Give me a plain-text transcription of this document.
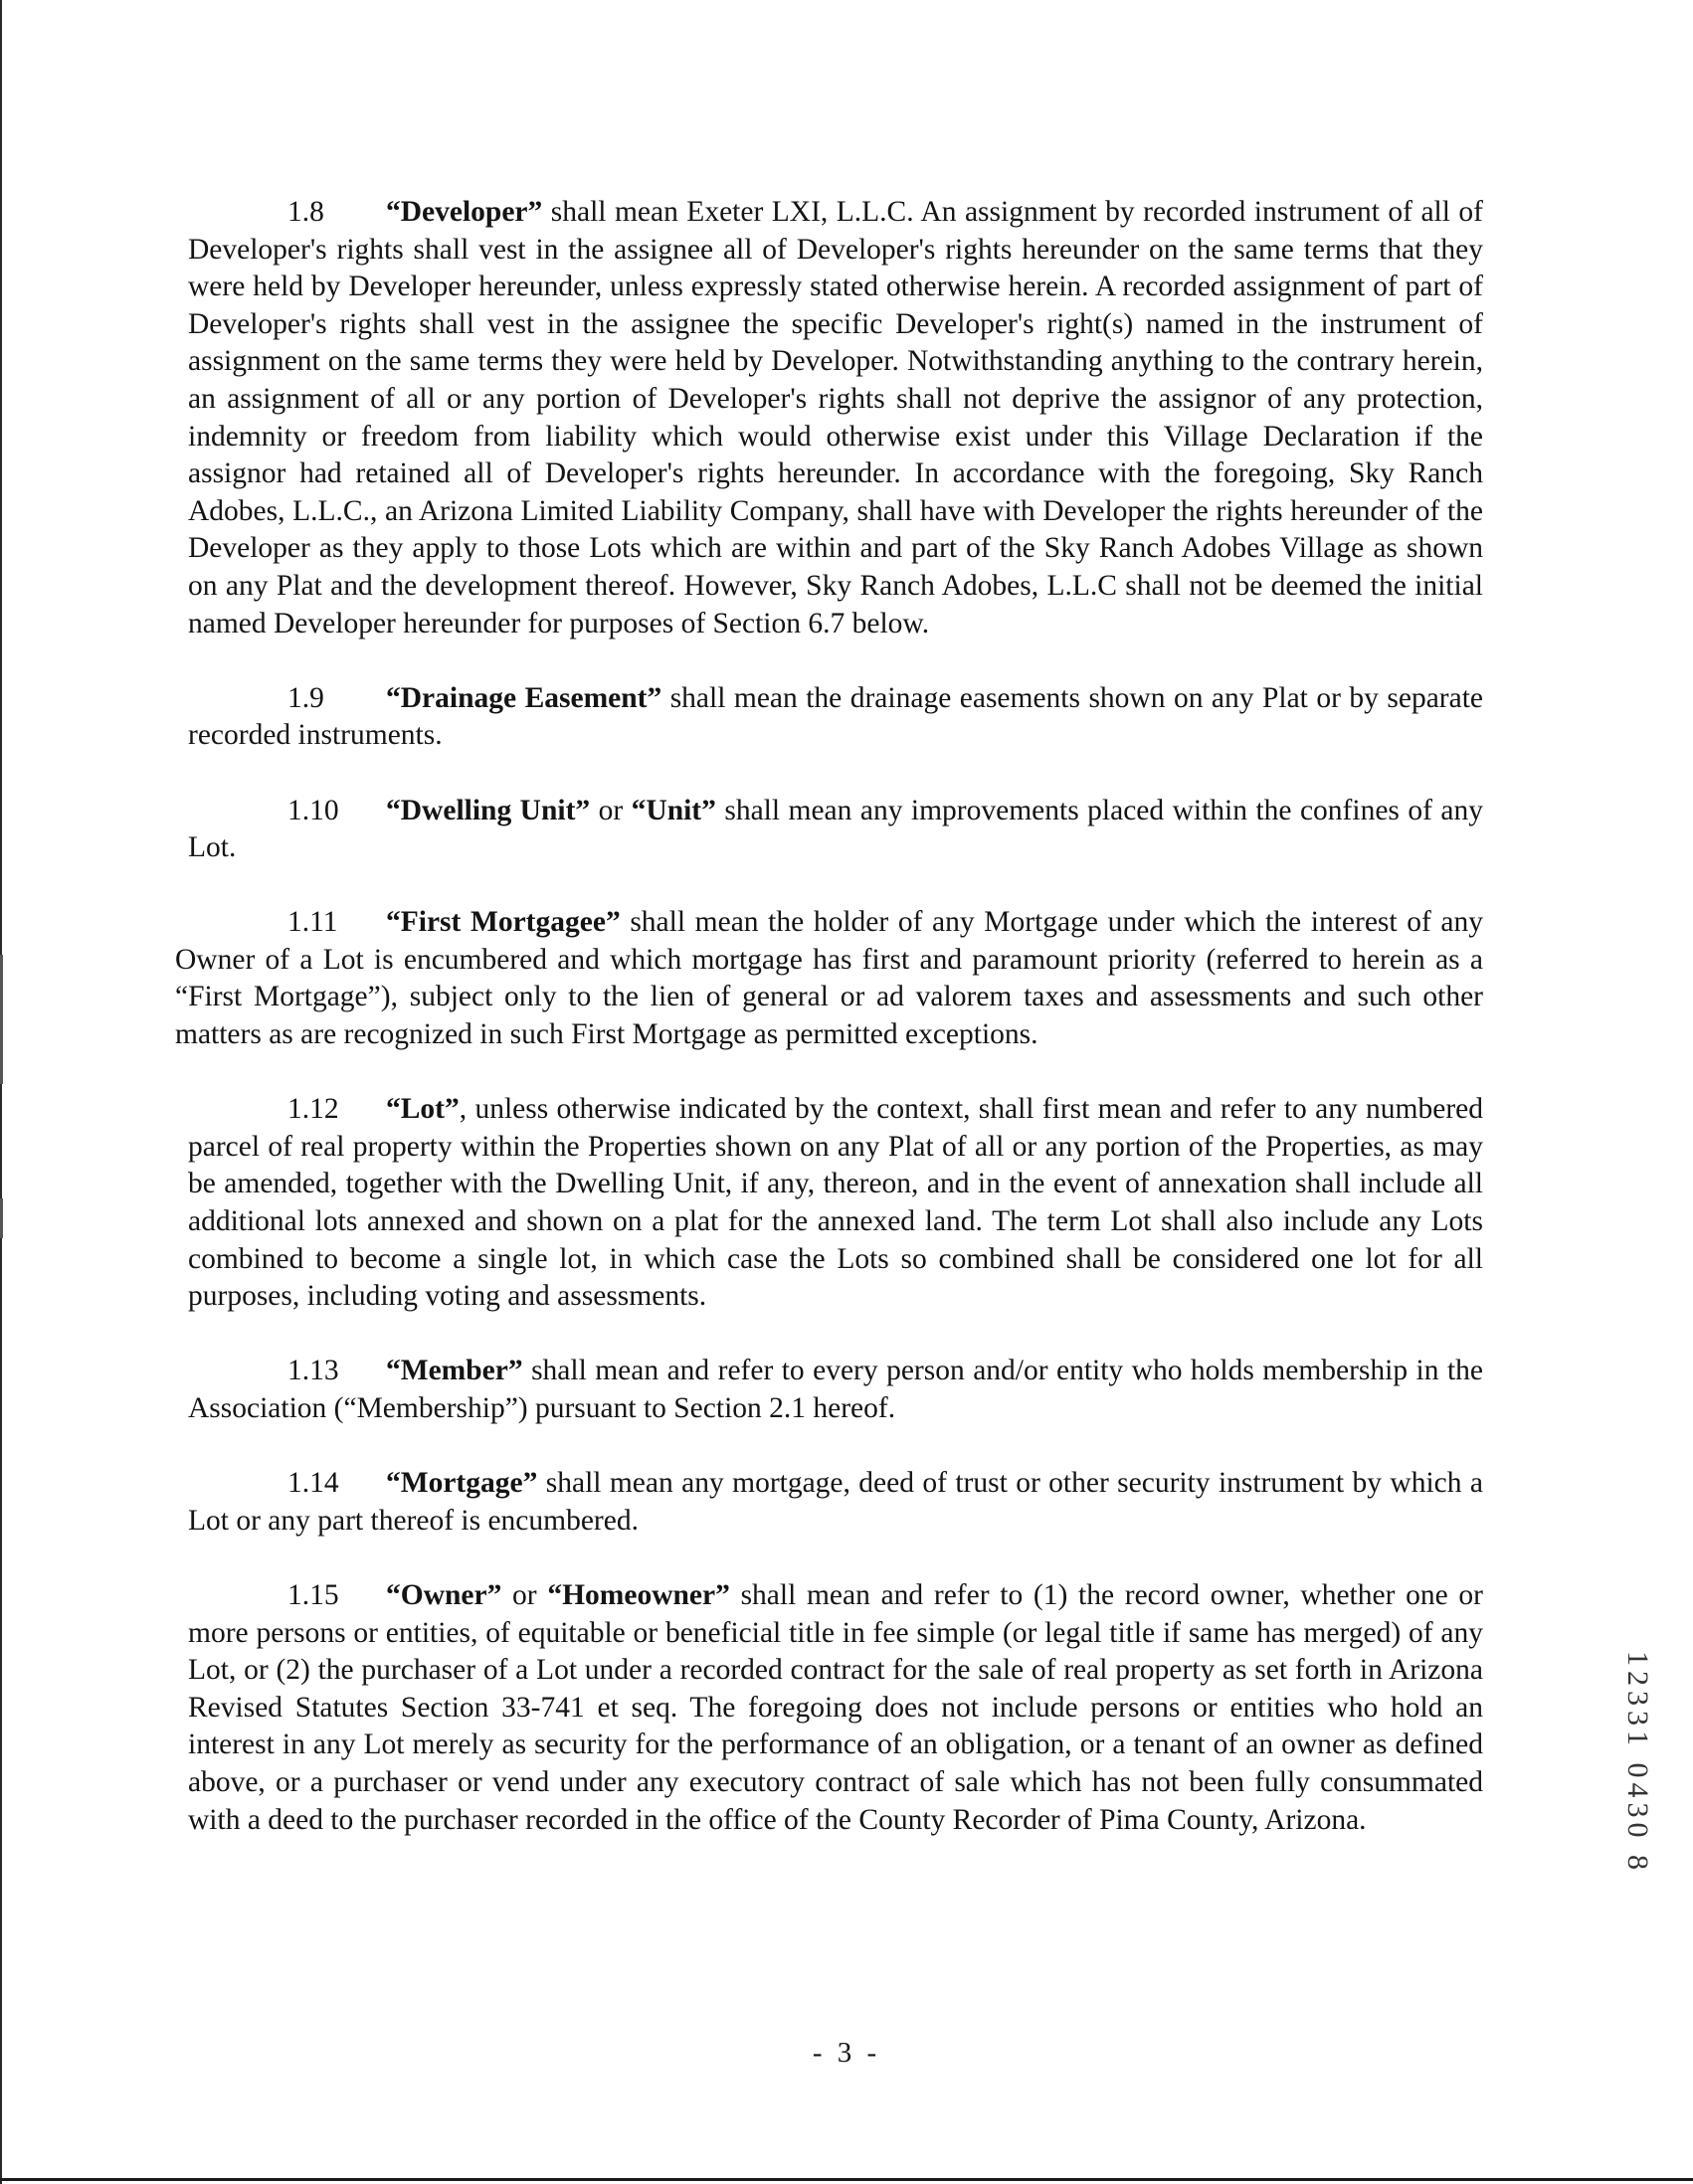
1.8 “Developer” shall mean Exeter LXI, L.L.C. An assignment by recorded instrument of all of Developer's rights shall vest in the assignee all of Developer's rights hereunder on the same terms that they were held by Developer hereunder, unless expressly stated otherwise herein. A recorded assignment of part of Developer's rights shall vest in the assignee the specific Developer's right(s) named in the instrument of assignment on the same terms they were held by Developer. Notwithstanding anything to the contrary herein, an assignment of all or any portion of Developer's rights shall not deprive the assignor of any protection, indemnity or freedom from liability which would otherwise exist under this Village Declaration if the assignor had retained all of Developer's rights hereunder. In accordance with the foregoing, Sky Ranch Adobes, L.L.C., an Arizona Limited Liability Company, shall have with Developer the rights hereunder of the Developer as they apply to those Lots which are within and part of the Sky Ranch Adobes Village as shown on any Plat and the development thereof. However, Sky Ranch Adobes, L.L.C shall not be deemed the initial named Developer hereunder for purposes of Section 6.7 below.

1.9 “Drainage Easement” shall mean the drainage easements shown on any Plat or by separate recorded instruments.

1.10 “Dwelling Unit” or “Unit” shall mean any improvements placed within the confines of any Lot.

1.11 “First Mortgagee” shall mean the holder of any Mortgage under which the interest of any Owner of a Lot is encumbered and which mortgage has first and paramount priority (referred to herein as a “First Mortgage”), subject only to the lien of general or ad valorem taxes and assessments and such other matters as are recognized in such First Mortgage as permitted exceptions.

1.12 “Lot”, unless otherwise indicated by the context, shall first mean and refer to any numbered parcel of real property within the Properties shown on any Plat of all or any portion of the Properties, as may be amended, together with the Dwelling Unit, if any, thereon, and in the event of annexation shall include all additional lots annexed and shown on a plat for the annexed land. The term Lot shall also include any Lots combined to become a single lot, in which case the Lots so combined shall be considered one lot for all purposes, including voting and assessments.

1.13 “Member” shall mean and refer to every person and/or entity who holds membership in the Association (“Membership”) pursuant to Section 2.1 hereof.

1.14 “Mortgage” shall mean any mortgage, deed of trust or other security instrument by which a Lot or any part thereof is encumbered.

1.15 “Owner” or “Homeowner” shall mean and refer to (1) the record owner, whether one or more persons or entities, of equitable or beneficial title in fee simple (or legal title if same has merged) of any Lot, or (2) the purchaser of a Lot under a recorded contract for the sale of real property as set forth in Arizona Revised Statutes Section 33-741 et seq. The foregoing does not include persons or entities who hold an interest in any Lot merely as security for the performance of an obligation, or a tenant of an owner as defined above, or a purchaser or vend under any executory contract of sale which has not been fully consummated with a deed to the purchaser recorded in the office of the County Recorder of Pima County, Arizona.	12331 0430 8
- 3 -
